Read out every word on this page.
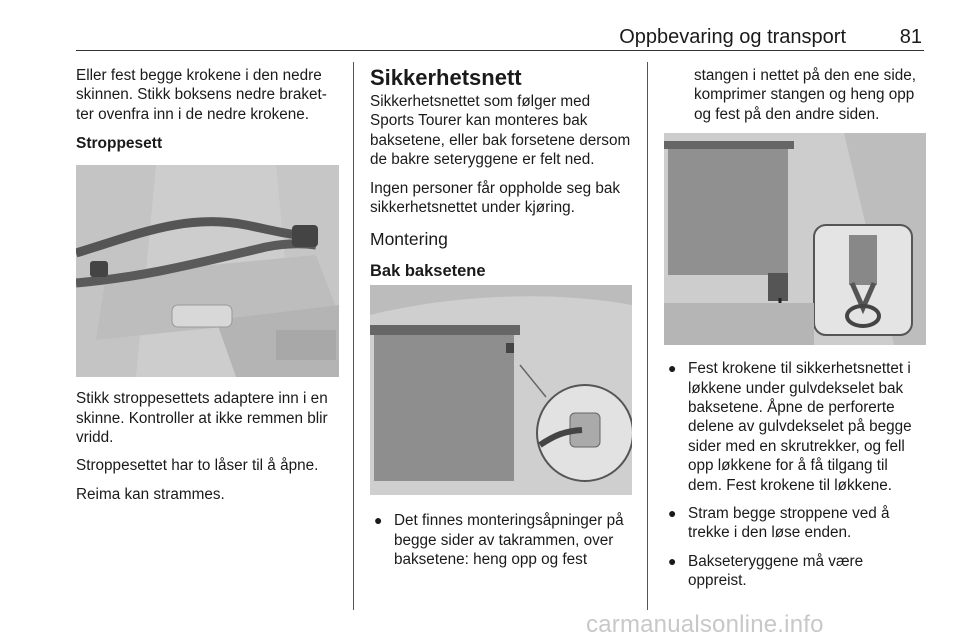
Oppbevaring og transport	81

Eller fest begge krokene i den nedre skinnen. Stikk boksens nedre braket-ter ovenfra inn i de nedre krokene.

Stroppesett

Stikk stroppesettets adaptere inn i en skinne. Kontroller at ikke remmen blir vridd.

Stroppesettet har to låser til å åpne.

Reima kan strammes.

Sikkerhetsnett

Sikkerhetsnettet som følger med Sports Tourer kan monteres bak baksetene, eller bak forsetene dersom de bakre seteryggene er felt ned.

Ingen personer får oppholde seg bak sikkerhetsnettet under kjøring.

Montering
Bak baksetene
● Det finnes monteringsåpninger på begge sider av takrammen, over baksetene: heng opp og fest

stangen i nettet på den ene side, komprimer stangen og heng opp og fest på den andre siden.

● Fest krokene til sikkerhetsnettet i løkkene under gulvdekselet bak baksetene. Åpne de perforerte delene av gulvdekselet på begge sider med en skrutrekker, og fell opp løkkene for å få tilgang til dem. Fest krokene til løkkene.
● Stram begge stroppene ved å trekke i den løse enden.
● Bakseteryggene må være oppreist.
carmanualsonline.info
